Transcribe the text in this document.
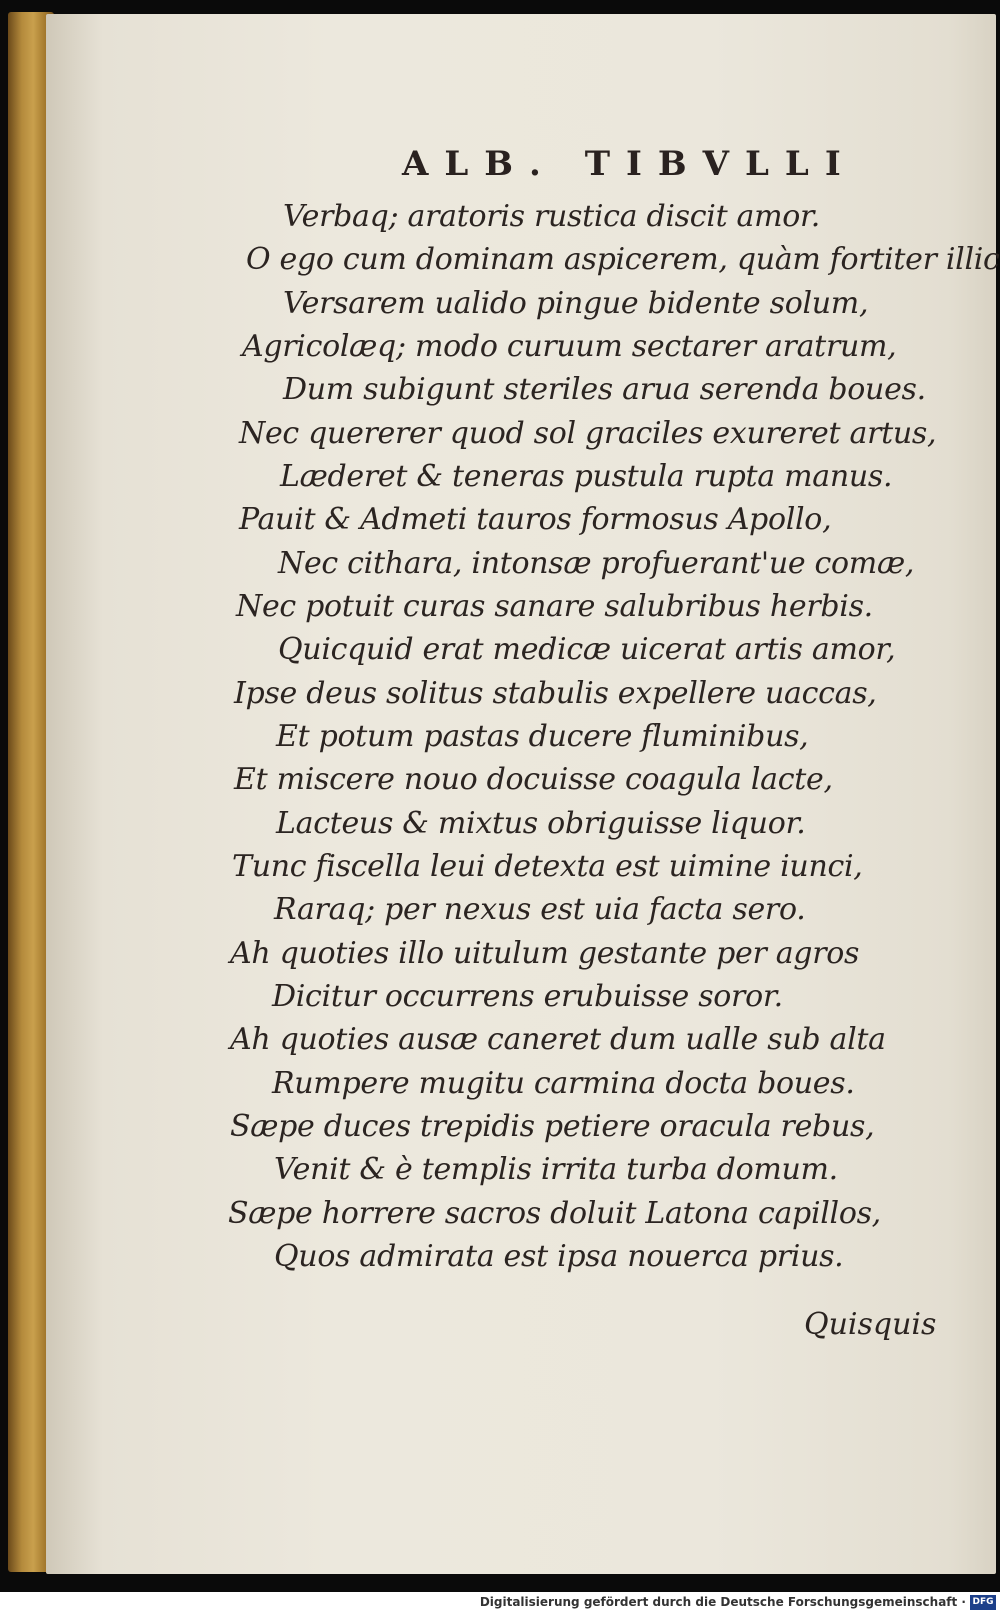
ALB. TIBVLLI

Verbaq; aratoris rustica discit amor.

O ego cum dominam aspicerem, quàm fortiter illic

Versarem ualido pingue bidente solum,

Agricolæq; modo curuum sectarer aratrum,

Dum subigunt steriles arua serenda boues.

Nec quererer quod sol graciles exureret artus,

Læderet & teneras pustula rupta manus.

Pauit & Admeti tauros formosus Apollo,

Nec cithara, intonsæ profuerant'ue comæ,

Nec potuit curas sanare salubribus herbis.

Quicquid erat medicæ uicerat artis amor,

Ipse deus solitus stabulis expellere uaccas,

Et potum pastas ducere fluminibus,

Et miscere nouo docuisse coagula lacte,

Lacteus & mixtus obriguisse liquor.

Tunc fiscella leui detexta est uimine iunci,

Raraq; per nexus est uia facta sero.

Ah quoties illo uitulum gestante per agros

Dicitur occurrens erubuisse soror.

Ah quoties ausæ caneret dum ualle sub alta

Rumpere mugitu carmina docta boues.

Sæpe duces trepidis petiere oracula rebus,

Venit & è templis irrita turba domum.

Sæpe horrere sacros doluit Latona capillos,

Quos admirata est ipsa nouerca prius.

Quisquis
Digitalisierung gefördert durch die Deutsche Forschungsgemeinschaft · DFG
